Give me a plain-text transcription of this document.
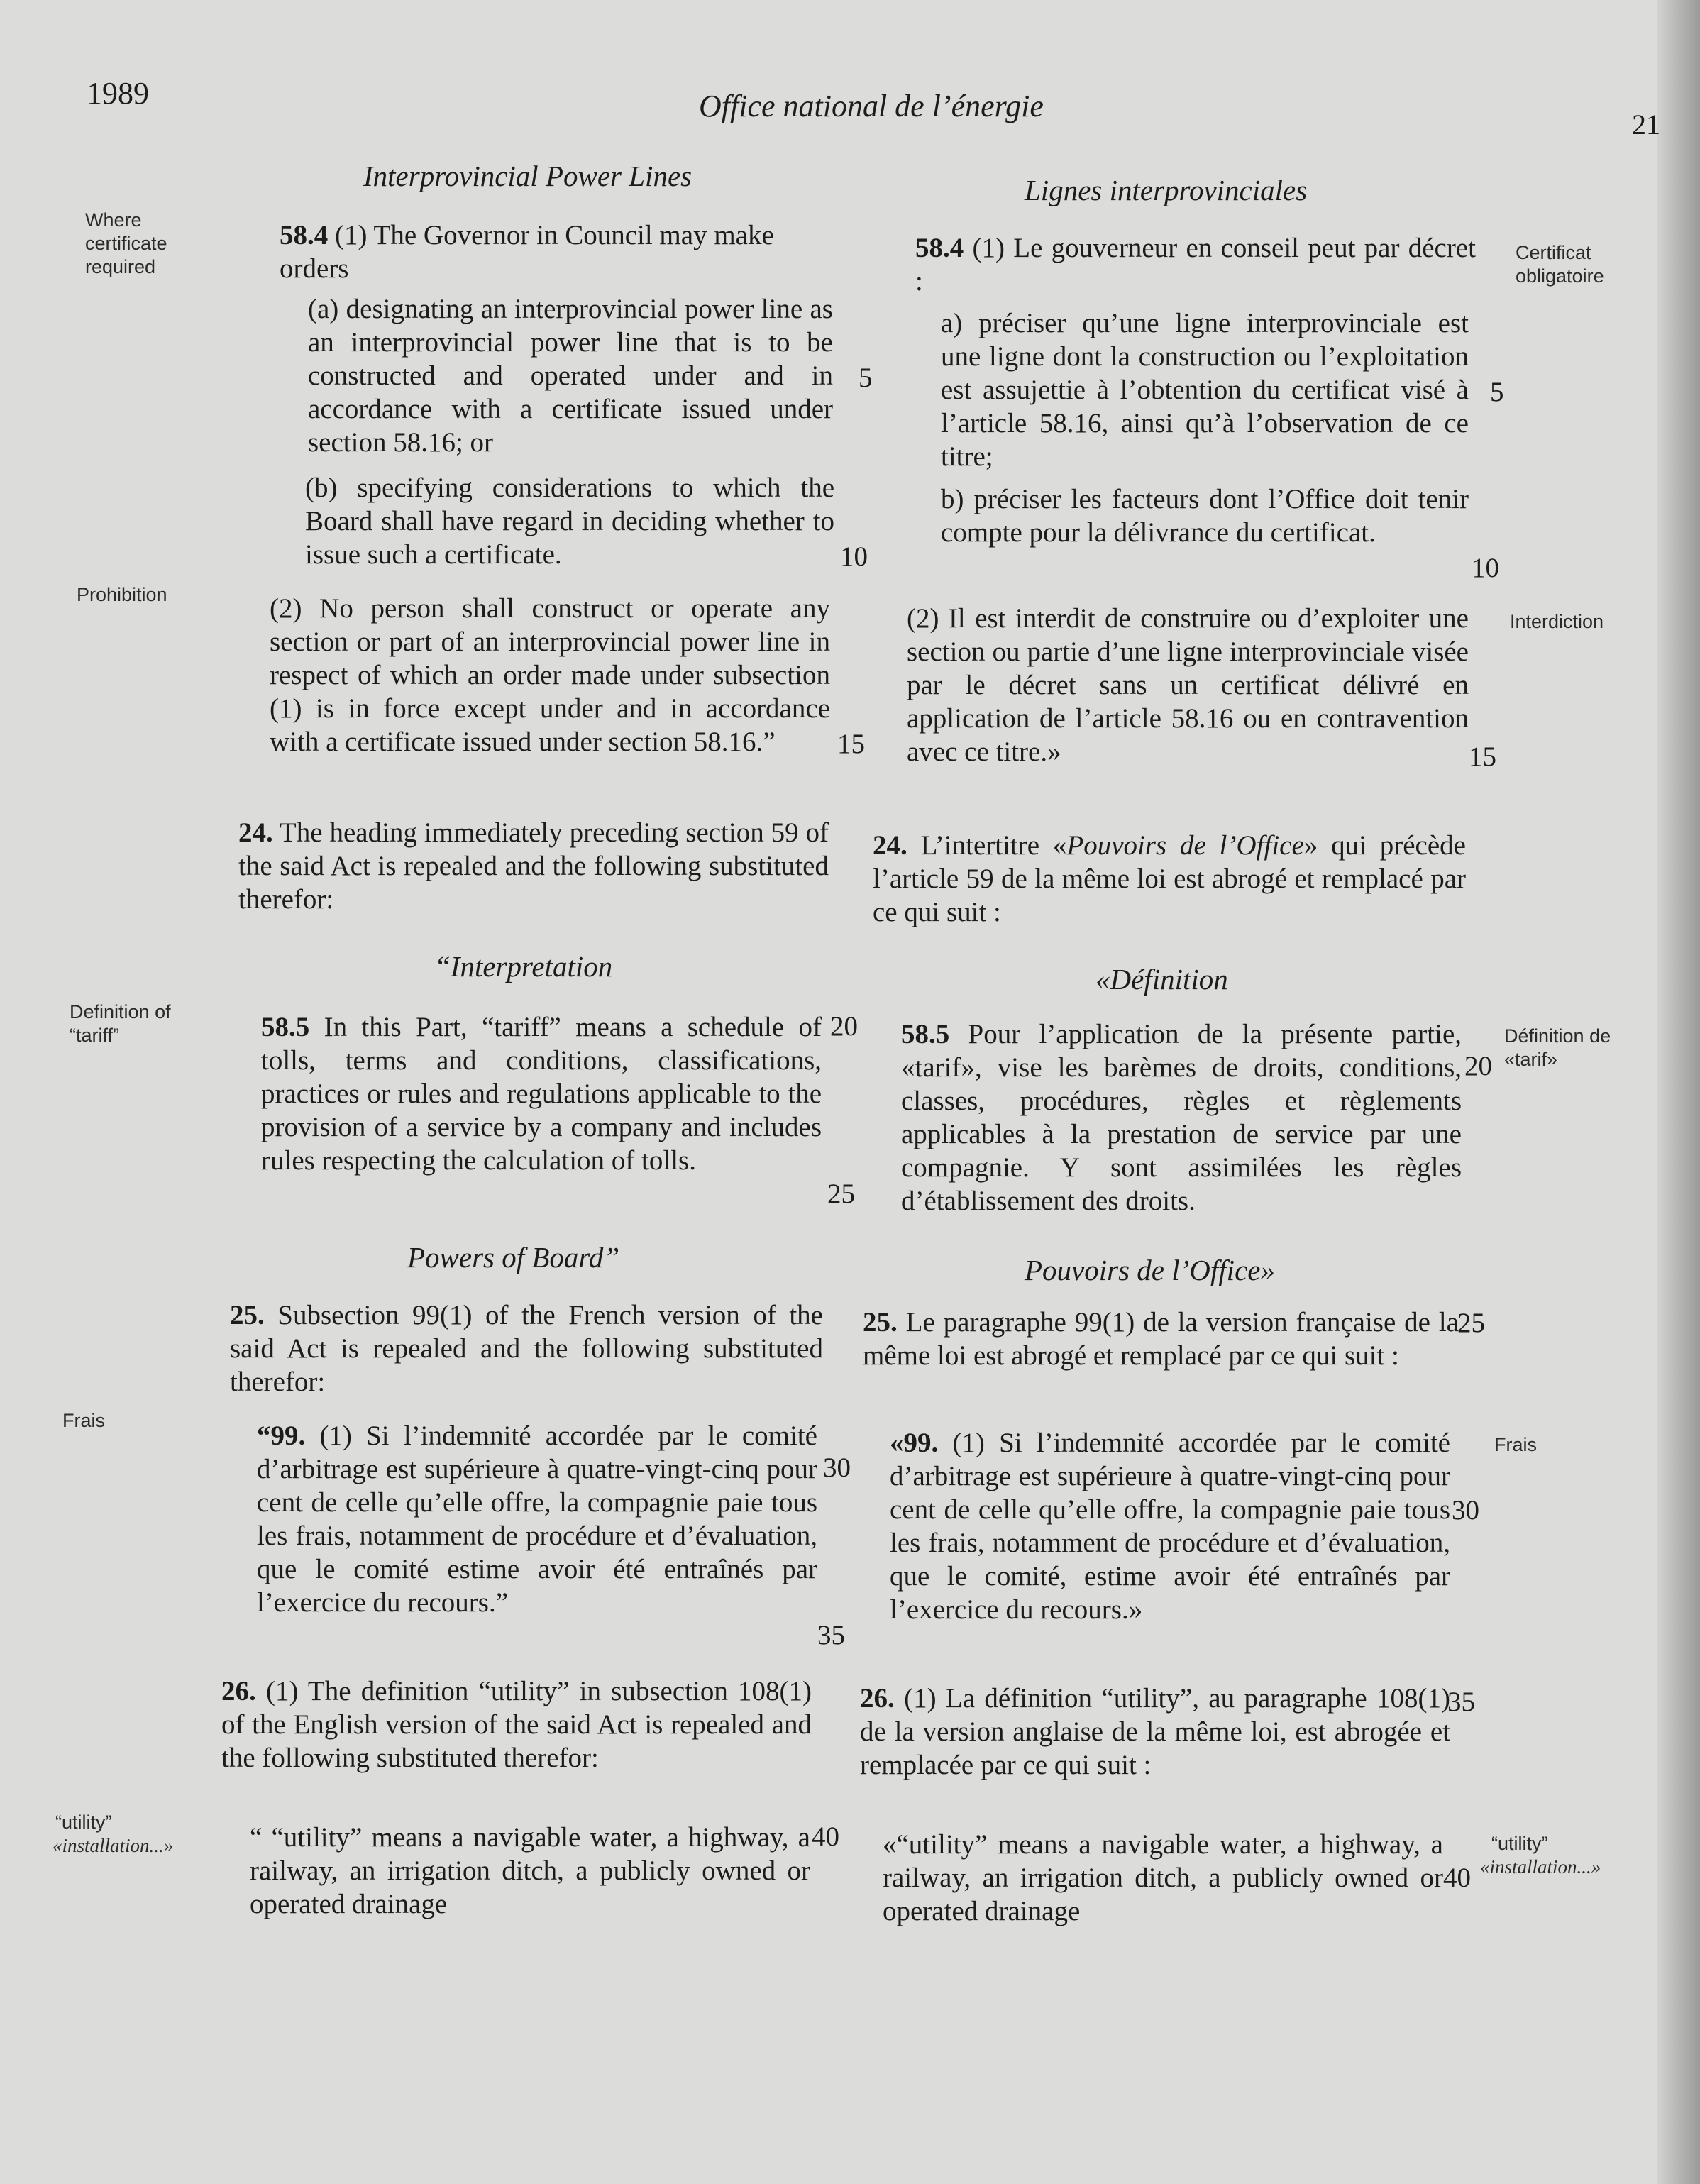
1989	Office national de l’énergie
21
Where
certificate
required
Prohibition
Definition of
“tariff”
Frais
“utility”
«installation...»
Certificat
obligatoire
Interdiction
Définition de
«tarif»
Frais
“utility”
«installation...»
Interprovincial Power Lines

58.4 (1) The Governor in Council may make orders

(a) designating an interprovincial power line as an interprovincial power line that is to be constructed and operated under and in accordance with a certificate issued under section 58.16; or
(b) specifying considerations to which the Board shall have regard in deciding whether to issue such a certificate.
(2) No person shall construct or operate any section or part of an interprovincial power line in respect of which an order made under subsection (1) is in force except under and in accordance with a certificate issued under section 58.16.”

24. The heading immediately preceding section 59 of the said Act is repealed and the following substituted therefor:

“Interpretation

58.5 In this Part, “tariff” means a schedule of tolls, terms and conditions, classifications, practices or rules and regulations applicable to the provision of a service by a company and includes rules respecting the calculation of tolls.

Powers of Board”

25. Subsection 99(1) of the French version of the said Act is repealed and the following substituted therefor:

“99. (1) Si l’indemnité accordée par le comité d’arbitrage est supérieure à quatre-vingt-cinq pour cent de celle qu’elle offre, la compagnie paie tous les frais, notamment de procédure et d’évaluation, que le comité estime avoir été entraînés par l’exercice du recours.”

26. (1) The definition “utility” in subsection 108(1) of the English version of the said Act is repealed and the following substituted therefor:

“ “utility” means a navigable water, a highway, a railway, an irrigation ditch, a publicly owned or operated drainage
5
10
15
20
25
30
35
40
Lignes interprovinciales

58.4 (1) Le gouverneur en conseil peut par décret :

a) préciser qu’une ligne interprovinciale est une ligne dont la construction ou l’exploitation est assujettie à l’obtention du certificat visé à l’article 58.16, ainsi qu’à l’observation de ce titre;
b) préciser les facteurs dont l’Office doit tenir compte pour la délivrance du certificat.
(2) Il est interdit de construire ou d’exploiter une section ou partie d’une ligne interprovinciale visée par le décret sans un certificat délivré en application de l’article 58.16 ou en contravention avec ce titre.»

24. L’intertitre «Pouvoirs de l’Office» qui précède l’article 59 de la même loi est abrogé et remplacé par ce qui suit :

«Définition

58.5 Pour l’application de la présente partie, «tarif», vise les barèmes de droits, conditions, classes, procédures, règles et règlements applicables à la prestation de service par une compagnie. Y sont assimilées les règles d’établissement des droits.

Pouvoirs de l’Office»

25. Le paragraphe 99(1) de la version française de la même loi est abrogé et remplacé par ce qui suit :

«99. (1) Si l’indemnité accordée par le comité d’arbitrage est supérieure à quatre-vingt-cinq pour cent de celle qu’elle offre, la compagnie paie tous les frais, notamment de procédure et d’évaluation, que le comité, estime avoir été entraînés par l’exercice du recours.»

26. (1) La définition “utility”, au paragraphe 108(1) de la version anglaise de la même loi, est abrogée et remplacée par ce qui suit :

«“utility” means a navigable water, a highway, a railway, an irrigation ditch, a publicly owned or operated drainage
5
10
15
20
25
30
35
40
